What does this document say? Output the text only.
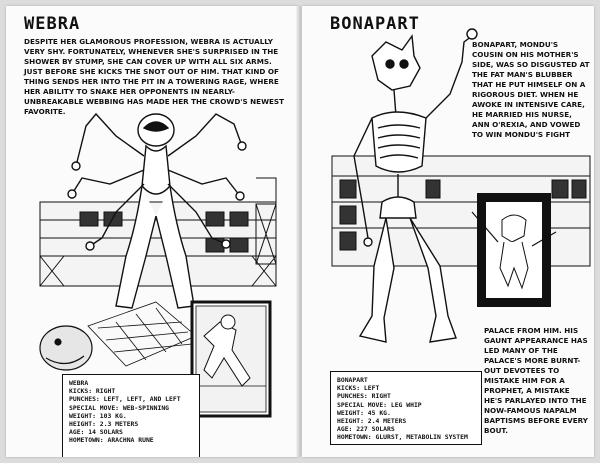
WEBRA
DESPITE HER GLAMOROUS PROFESSION, WEBRA IS ACTUALLY VERY SHY. FORTUNATELY, WHENEVER SHE'S SURPRISED IN THE SHOWER BY STUMP, SHE CAN COVER UP WITH ALL SIX ARMS. JUST BEFORE SHE KICKS THE SNOT OUT OF HIM. THAT KIND OF THING SENDS HER INTO THE PIT IN A TOWERING RAGE, WHERE HER ABILITY TO SNAKE HER OPPONENTS IN NEARLY-UNBREAKABLE WEBBING HAS MADE HER THE CROWD'S NEWEST FAVORITE.
WEBRA
KICKS: RIGHT
PUNCHES: LEFT, LEFT, AND LEFT
SPECIAL MOVE: WEB-SPINNING
WEIGHT: 103 KG.
HEIGHT: 2.3 METERS
AGE: 14 SOLARS
HOMETOWN: ARACHNA RUNE
BONAPART
BONAPART, MONDU'S COUSIN ON HIS MOTHER'S SIDE, WAS SO DISGUSTED AT THE FAT MAN'S BLUBBER THAT HE PUT HIMSELF ON A RIGOROUS DIET. WHEN HE AWOKE IN INTENSIVE CARE, HE MARRIED HIS NURSE, ANN O'REXIA, AND VOWED TO WIN MONDU'S FIGHT
PALACE FROM HIM. HIS GAUNT APPEARANCE HAS LED MANY OF THE PALACE'S MORE BURNT-OUT DEVOTEES TO MISTAKE HIM FOR A PROPHET, A MISTAKE HE'S PARLAYED INTO THE NOW-FAMOUS NAPALM BAPTISMS BEFORE EVERY BOUT.
BONAPART
KICKS: LEFT
PUNCHES: RIGHT
SPECIAL MOVE: LEG WHIP
WEIGHT: 45 KG.
HEIGHT: 2.4 METERS
AGE: 227 SOLARS
HOMETOWN: GLURST, METABOLIN SYSTEM
